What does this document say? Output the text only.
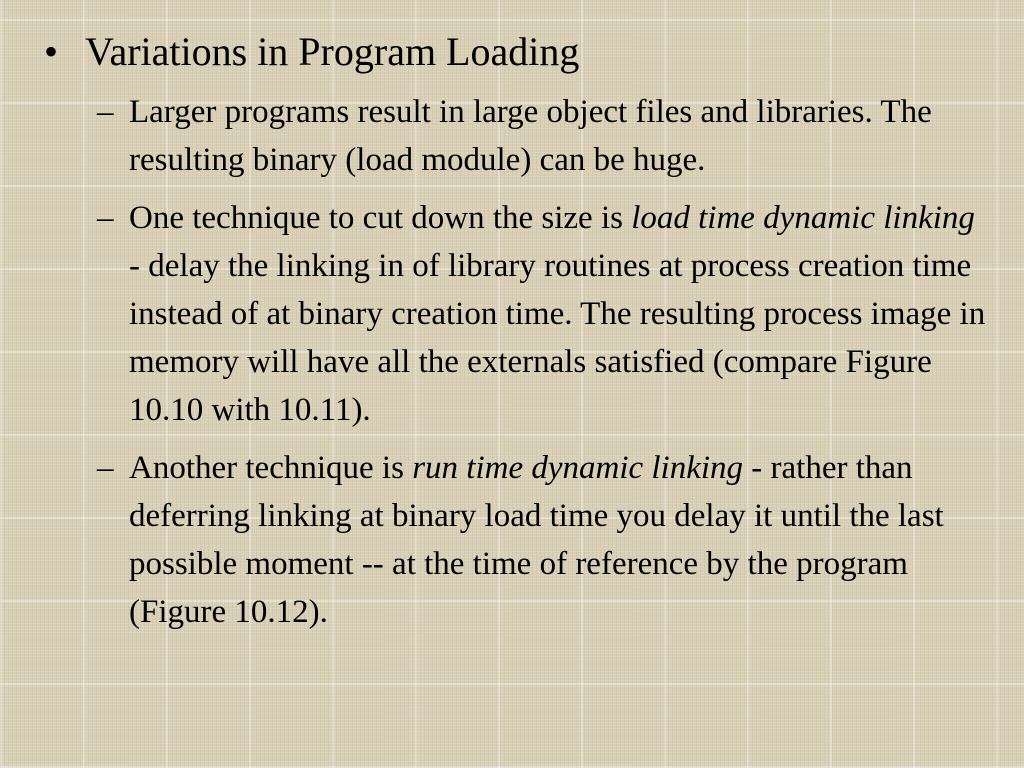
• Variations in Program Loading
– Larger programs result in large object files and libraries. The resulting binary (load module) can be huge.
– One technique to cut down the size is load time dynamic linking - delay the linking in of library routines at process creation time instead of at binary creation time. The resulting process image in memory will have all the externals satisfied (compare Figure 10.10 with 10.11).
– Another technique is run time dynamic linking - rather than deferring linking at binary load time you delay it until the last possible moment -- at the time of reference by the program (Figure 10.12).
